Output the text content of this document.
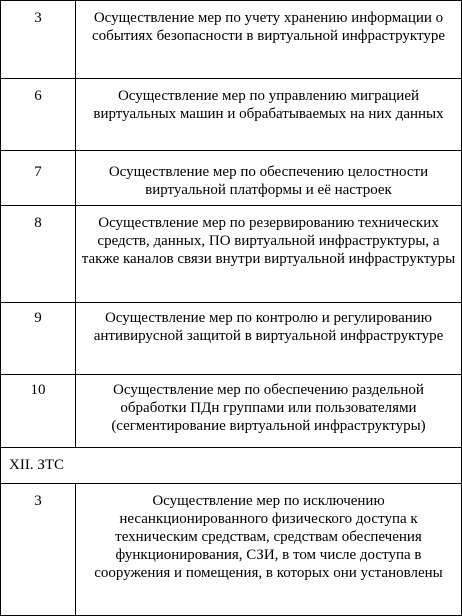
3	Осуществление мер по учету хранению информации о событиях безопасности в виртуальной инфраструктуре
6	Осуществление мер по управлению миграцией виртуальных машин и обрабатываемых на них данных
7	Осуществление мер по обеспечению целостности виртуальной платформы и её настроек
8	Осуществление мер по резервированию технических средств, данных, ПО виртуальной инфраструктуры, а также каналов связи внутри виртуальной инфраструктуры
9	Осуществление мер по контролю и регулированию антивирусной защитой в виртуальной инфраструктуре
10	Осуществление мер по обеспечению раздельной обработки ПДн группами или пользователями (сегментирование виртуальной инфраструктуры)
XII. ЗТС	
3	Осуществление мер по исключению несанкционированного физического доступа к техническим средствам, средствам обеспечения функционирования, СЗИ, в том числе доступа в сооружения и помещения, в которых они установлены
